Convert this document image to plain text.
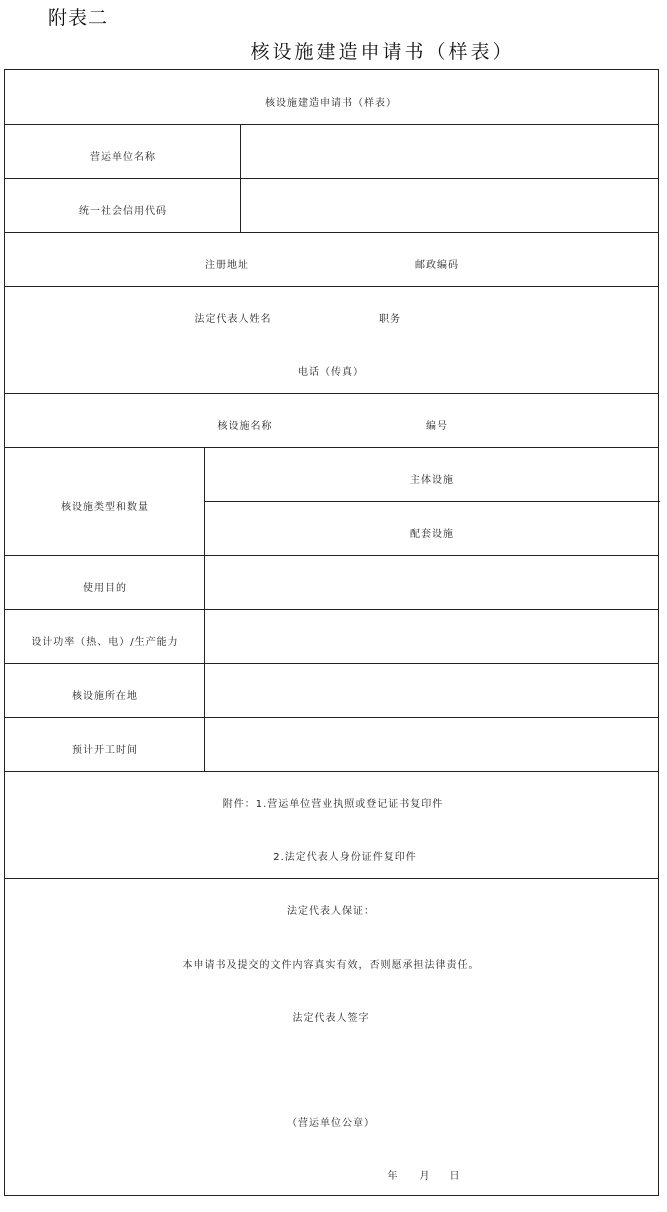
附表二
核设施建造申请书（样表）
核设施建造申请书（样表）
营运单位名称
统一社会信用代码
注册地址	邮政编码
法定代表人姓名	职务
电话（传真）
核设施名称	编号
核设施类型和数量
主体设施
配套设施
使用目的
设计功率（热、电）/生产能力
核设施所在地
预计开工时间
附件：1.营运单位营业执照或登记证书复印件
2.法定代表人身份证件复印件
法定代表人保证：
本申请书及提交的文件内容真实有效，否则愿承担法律责任。
法定代表人签字
（营运单位公章）
年 月 日
